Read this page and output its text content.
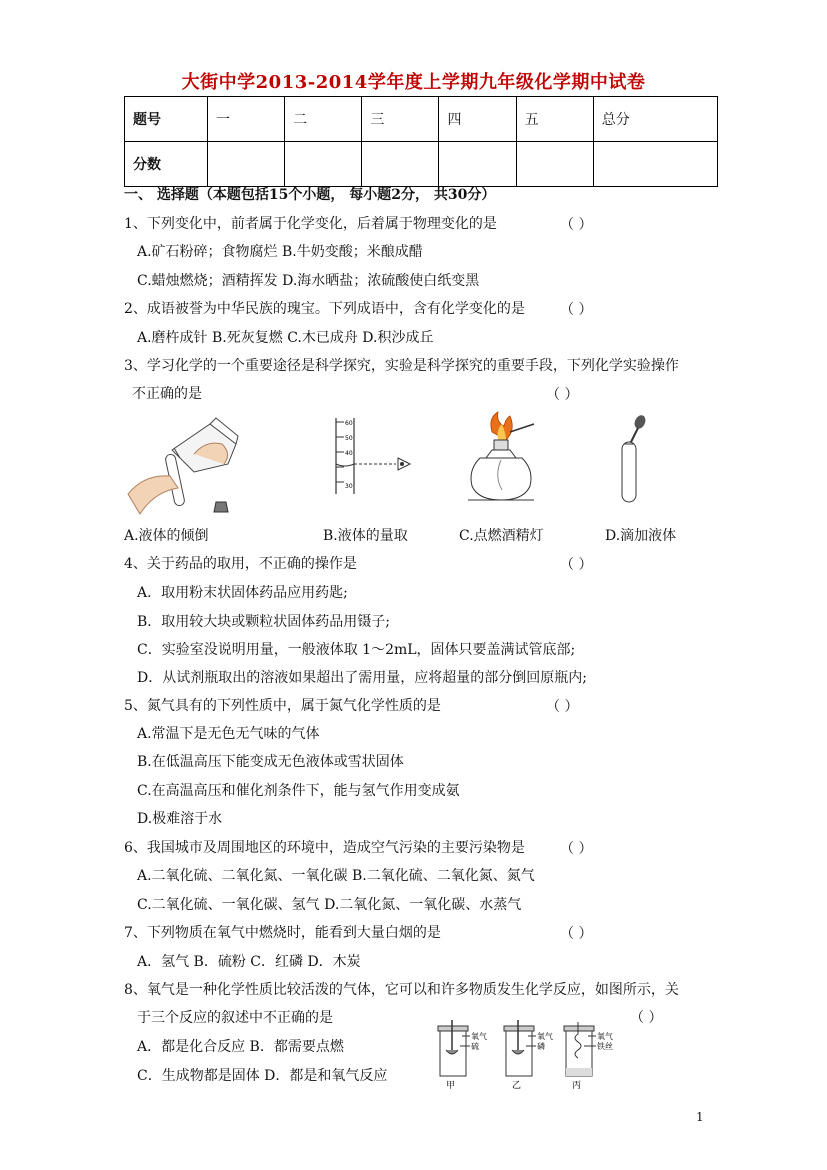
大街中学2013-2014学年度上学期九年级化学期中试卷
题号	一	二	三	四	五	总分
分数						
一、 选择题（本题包括15个小题， 每小题2分， 共30分）
1、下列变化中，前者属于化学变化，后着属于物理变化的是	（ ）
A.矿石粉碎；食物腐烂 B.牛奶变酸；米酿成醋
C.蜡烛燃烧；酒精挥发 D.海水晒盐；浓硫酸使白纸变黑
2、成语被誉为中华民族的瑰宝。下列成语中，含有化学变化的是	（ ）
A.磨杵成针 B.死灰复燃 C.木已成舟 D.积沙成丘
3、学习化学的一个重要途径是科学探究，实验是科学探究的重要手段，下列化学实验操作
不正确的是	（ ）
60
50
40
30
A.液体的倾倒	B.液体的量取	C.点燃酒精灯	D.滴加液体
4、关于药品的取用，不正确的操作是	（ ）
A．取用粉末状固体药品应用药匙;
B．取用较大块或颗粒状固体药品用镊子;
C．实验室没说明用量，一般液体取 1～2mL，固体只要盖满试管底部;
D．从试剂瓶取出的溶液如果超出了需用量，应将超量的部分倒回原瓶内;
5、氮气具有的下列性质中，属于氮气化学性质的是	（ ）
A.常温下是无色无气味的气体
B.在低温高压下能变成无色液体或雪状固体
C.在高温高压和催化剂条件下，能与氢气作用变成氨
D.极难溶于水
6、我国城市及周围地区的环境中，造成空气污染的主要污染物是	（ ）
A.二氧化硫、二氧化氮、一氧化碳 B.二氧化硫、二氧化氮、氮气
C.二氧化硫、一氧化碳、氢气 D.二氧化氮、一氧化碳、水蒸气
7、下列物质在氧气中燃烧时，能看到大量白烟的是	（ ）
A．氢气 B．硫粉 C．红磷 D．木炭
8、氧气是一种化学性质比较活泼的气体，它可以和许多物质发生化学反应，如图所示，关
于三个反应的叙述中不正确的是	（ ）
A．都是化合反应 B．都需要点燃
C．生成物都是固体 D．都是和氧气反应
氧气
硫
甲
氧气
磷
乙
氧气
铁丝
丙
1
